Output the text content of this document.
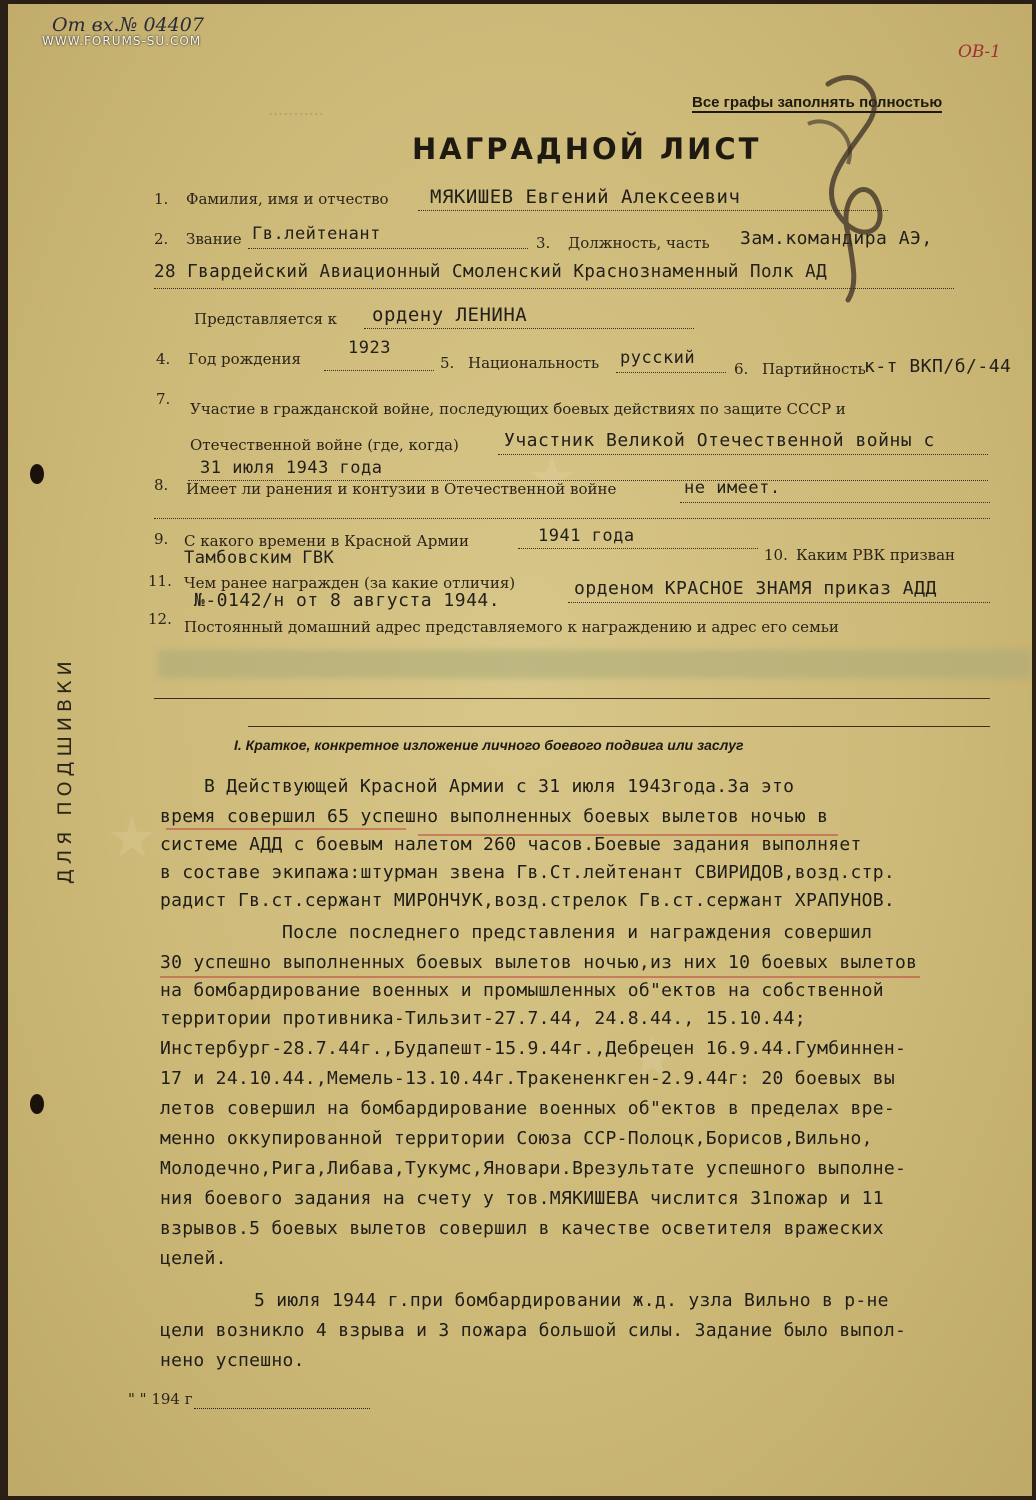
...........
★
★
★
От вх.№ 04407
WWW.FORUMS-SU.COM
ОВ-1
Все графы заполнять полностью
НАГРАДНОЙ ЛИСТ
1. Фамилия, имя и отчество МЯКИШЕВ Евгений Алексеевич
2. Звание Гв.лейтенант	3. Должность, часть Зам.командира АЭ,
28 Гвардейский Авиационный Смоленский Краснознаменный Полк АД
Представляется к ордену ЛЕНИНА
4. Год рождения
1923
5. Национальность русский
6. Партийность
к-т ВКП/б/-44
7.
Участие в гражданской войне, последующих боевых действиях по защите СССР и
Отечественной войне (где, когда)	Участник Великой Отечественной войны с
31 июля 1943 года
8. Имеет ли ранения и контузии в Отечественной войне	не имеет.
9. С какого времени в Красной Армии	1941 года
Тамбовским ГВК	10. Каким РВК призван
11. Чем ранее награжден (за какие отличия)	орденом КРАСНОЕ ЗНАМЯ приказ АДД
№-0142/н от 8 августа 1944.
12. Постоянный домашний адрес представляемого к награждению и адрес его семьи
ДЛЯ ПОДШИВКИ	I. Краткое, конкретное изложение личного боевого подвига или заслуг
В Действующей Красной Армии с 31 июля 1943года.За это
время совершил 65 успешно выполненных боевых вылетов ночью в
системе АДД с боевым налетом 260 часов.Боевые задания выполняет
в составе экипажа:штурман звена Гв.Ст.лейтенант СВИРИДОВ,возд.стр.
радист Гв.ст.сержант МИРОНЧУК,возд.стрелок Гв.ст.сержант ХРАПУНОВ.
После последнего представления и награждения совершил
30 успешно выполненных боевых вылетов ночью,из них 10 боевых вылетов
на бомбардирование военных и промышленных об"ектов на собственной
территории противника-Тильзит-27.7.44, 24.8.44., 15.10.44;
Инстербург-28.7.44г.,Будапешт-15.9.44г.,Дебрецен 16.9.44.Гумбиннен-
17 и 24.10.44.,Мемель-13.10.44г.Тракененкген-2.9.44г: 20 боевых вы
летов совершил на бомбардирование военных об"ектов в пределах вре-
менно оккупированной территории Союза ССР-Полоцк,Борисов,Вильно,
Молодечно,Рига,Либава,Тукумс,Яновари.Врезультате успешного выполне-
ния боевого задания на счету у тов.МЯКИШЕВА числится 31пожар и 11
взрывов.5 боевых вылетов совершил в качестве осветителя вражеских
целей.
5 июля 1944 г.при бомбардировании ж.д. узла Вильно в р-не
цели возникло 4 взрыва и 3 пожара большой силы. Задание было выпол-
нено успешно.
" " 194 г
